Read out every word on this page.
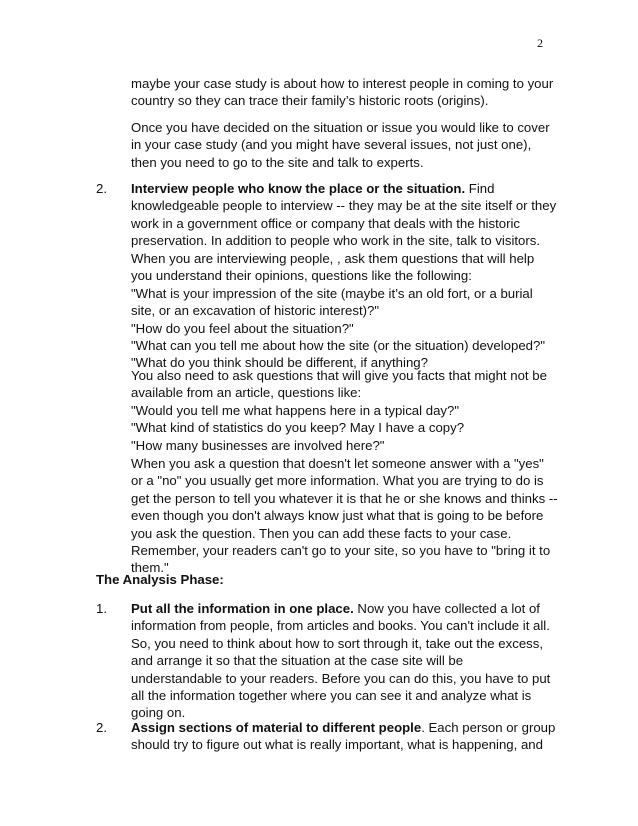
2

maybe your case study is about how to interest people in coming to your
country so they can trace their family’s historic roots (origins).

Once you have decided on the situation or issue you would like to cover
in your case study (and you might have several issues, not just one),
then you need to go to the site and talk to experts.

2. Interview people who know the place or the situation. Find
knowledgeable people to interview -- they may be at the site itself or they
work in a government office or company that deals with the historic
preservation. In addition to people who work in the site, talk to visitors.

When you are interviewing people, , ask them questions that will help
you understand their opinions, questions like the following:
"What is your impression of the site (maybe it’s an old fort, or a burial
site, or an excavation of historic interest)?"
"How do you feel about the situation?"
"What can you tell me about how the site (or the situation) developed?"
"What do you think should be different, if anything?

You also need to ask questions that will give you facts that might not be
available from an article, questions like:
"Would you tell me what happens here in a typical day?"
"What kind of statistics do you keep? May I have a copy?
"How many businesses are involved here?"

When you ask a question that doesn't let someone answer with a "yes"
or a "no" you usually get more information. What you are trying to do is
get the person to tell you whatever it is that he or she knows and thinks --
even though you don't always know just what that is going to be before
you ask the question. Then you can add these facts to your case.
Remember, your readers can't go to your site, so you have to "bring it to
them."

The Analysis Phase:
1. Put all the information in one place. Now you have collected a lot of
information from people, from articles and books. You can't include it all.
So, you need to think about how to sort through it, take out the excess,
and arrange it so that the situation at the case site will be
understandable to your readers. Before you can do this, you have to put
all the information together where you can see it and analyze what is
going on.

2. Assign sections of material to different people. Each person or group
should try to figure out what is really important, what is happening, and
